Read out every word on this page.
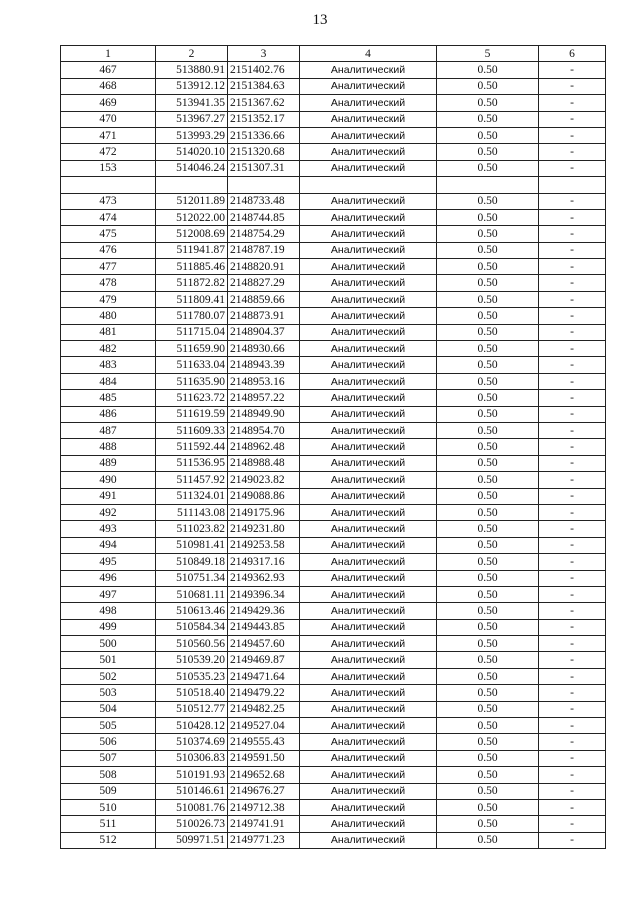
13
1	2	3	4	5	6
467	513880.91	2151402.76	Аналитический	0.50	-
468	513912.12	2151384.63	Аналитический	0.50	-
469	513941.35	2151367.62	Аналитический	0.50	-
470	513967.27	2151352.17	Аналитический	0.50	-
471	513993.29	2151336.66	Аналитический	0.50	-
472	514020.10	2151320.68	Аналитический	0.50	-
153	514046.24	2151307.31	Аналитический	0.50	-

473	512011.89	2148733.48	Аналитический	0.50	-
474	512022.00	2148744.85	Аналитический	0.50	-
475	512008.69	2148754.29	Аналитический	0.50	-
476	511941.87	2148787.19	Аналитический	0.50	-
477	511885.46	2148820.91	Аналитический	0.50	-
478	511872.82	2148827.29	Аналитический	0.50	-
479	511809.41	2148859.66	Аналитический	0.50	-
480	511780.07	2148873.91	Аналитический	0.50	-
481	511715.04	2148904.37	Аналитический	0.50	-
482	511659.90	2148930.66	Аналитический	0.50	-
483	511633.04	2148943.39	Аналитический	0.50	-
484	511635.90	2148953.16	Аналитический	0.50	-
485	511623.72	2148957.22	Аналитический	0.50	-
486	511619.59	2148949.90	Аналитический	0.50	-
487	511609.33	2148954.70	Аналитический	0.50	-
488	511592.44	2148962.48	Аналитический	0.50	-
489	511536.95	2148988.48	Аналитический	0.50	-
490	511457.92	2149023.82	Аналитический	0.50	-
491	511324.01	2149088.86	Аналитический	0.50	-
492	511143.08	2149175.96	Аналитический	0.50	-
493	511023.82	2149231.80	Аналитический	0.50	-
494	510981.41	2149253.58	Аналитический	0.50	-
495	510849.18	2149317.16	Аналитический	0.50	-
496	510751.34	2149362.93	Аналитический	0.50	-
497	510681.11	2149396.34	Аналитический	0.50	-
498	510613.46	2149429.36	Аналитический	0.50	-
499	510584.34	2149443.85	Аналитический	0.50	-
500	510560.56	2149457.60	Аналитический	0.50	-
501	510539.20	2149469.87	Аналитический	0.50	-
502	510535.23	2149471.64	Аналитический	0.50	-
503	510518.40	2149479.22	Аналитический	0.50	-
504	510512.77	2149482.25	Аналитический	0.50	-
505	510428.12	2149527.04	Аналитический	0.50	-
506	510374.69	2149555.43	Аналитический	0.50	-
507	510306.83	2149591.50	Аналитический	0.50	-
508	510191.93	2149652.68	Аналитический	0.50	-
509	510146.61	2149676.27	Аналитический	0.50	-
510	510081.76	2149712.38	Аналитический	0.50	-
511	510026.73	2149741.91	Аналитический	0.50	-
512	509971.51	2149771.23	Аналитический	0.50	-
